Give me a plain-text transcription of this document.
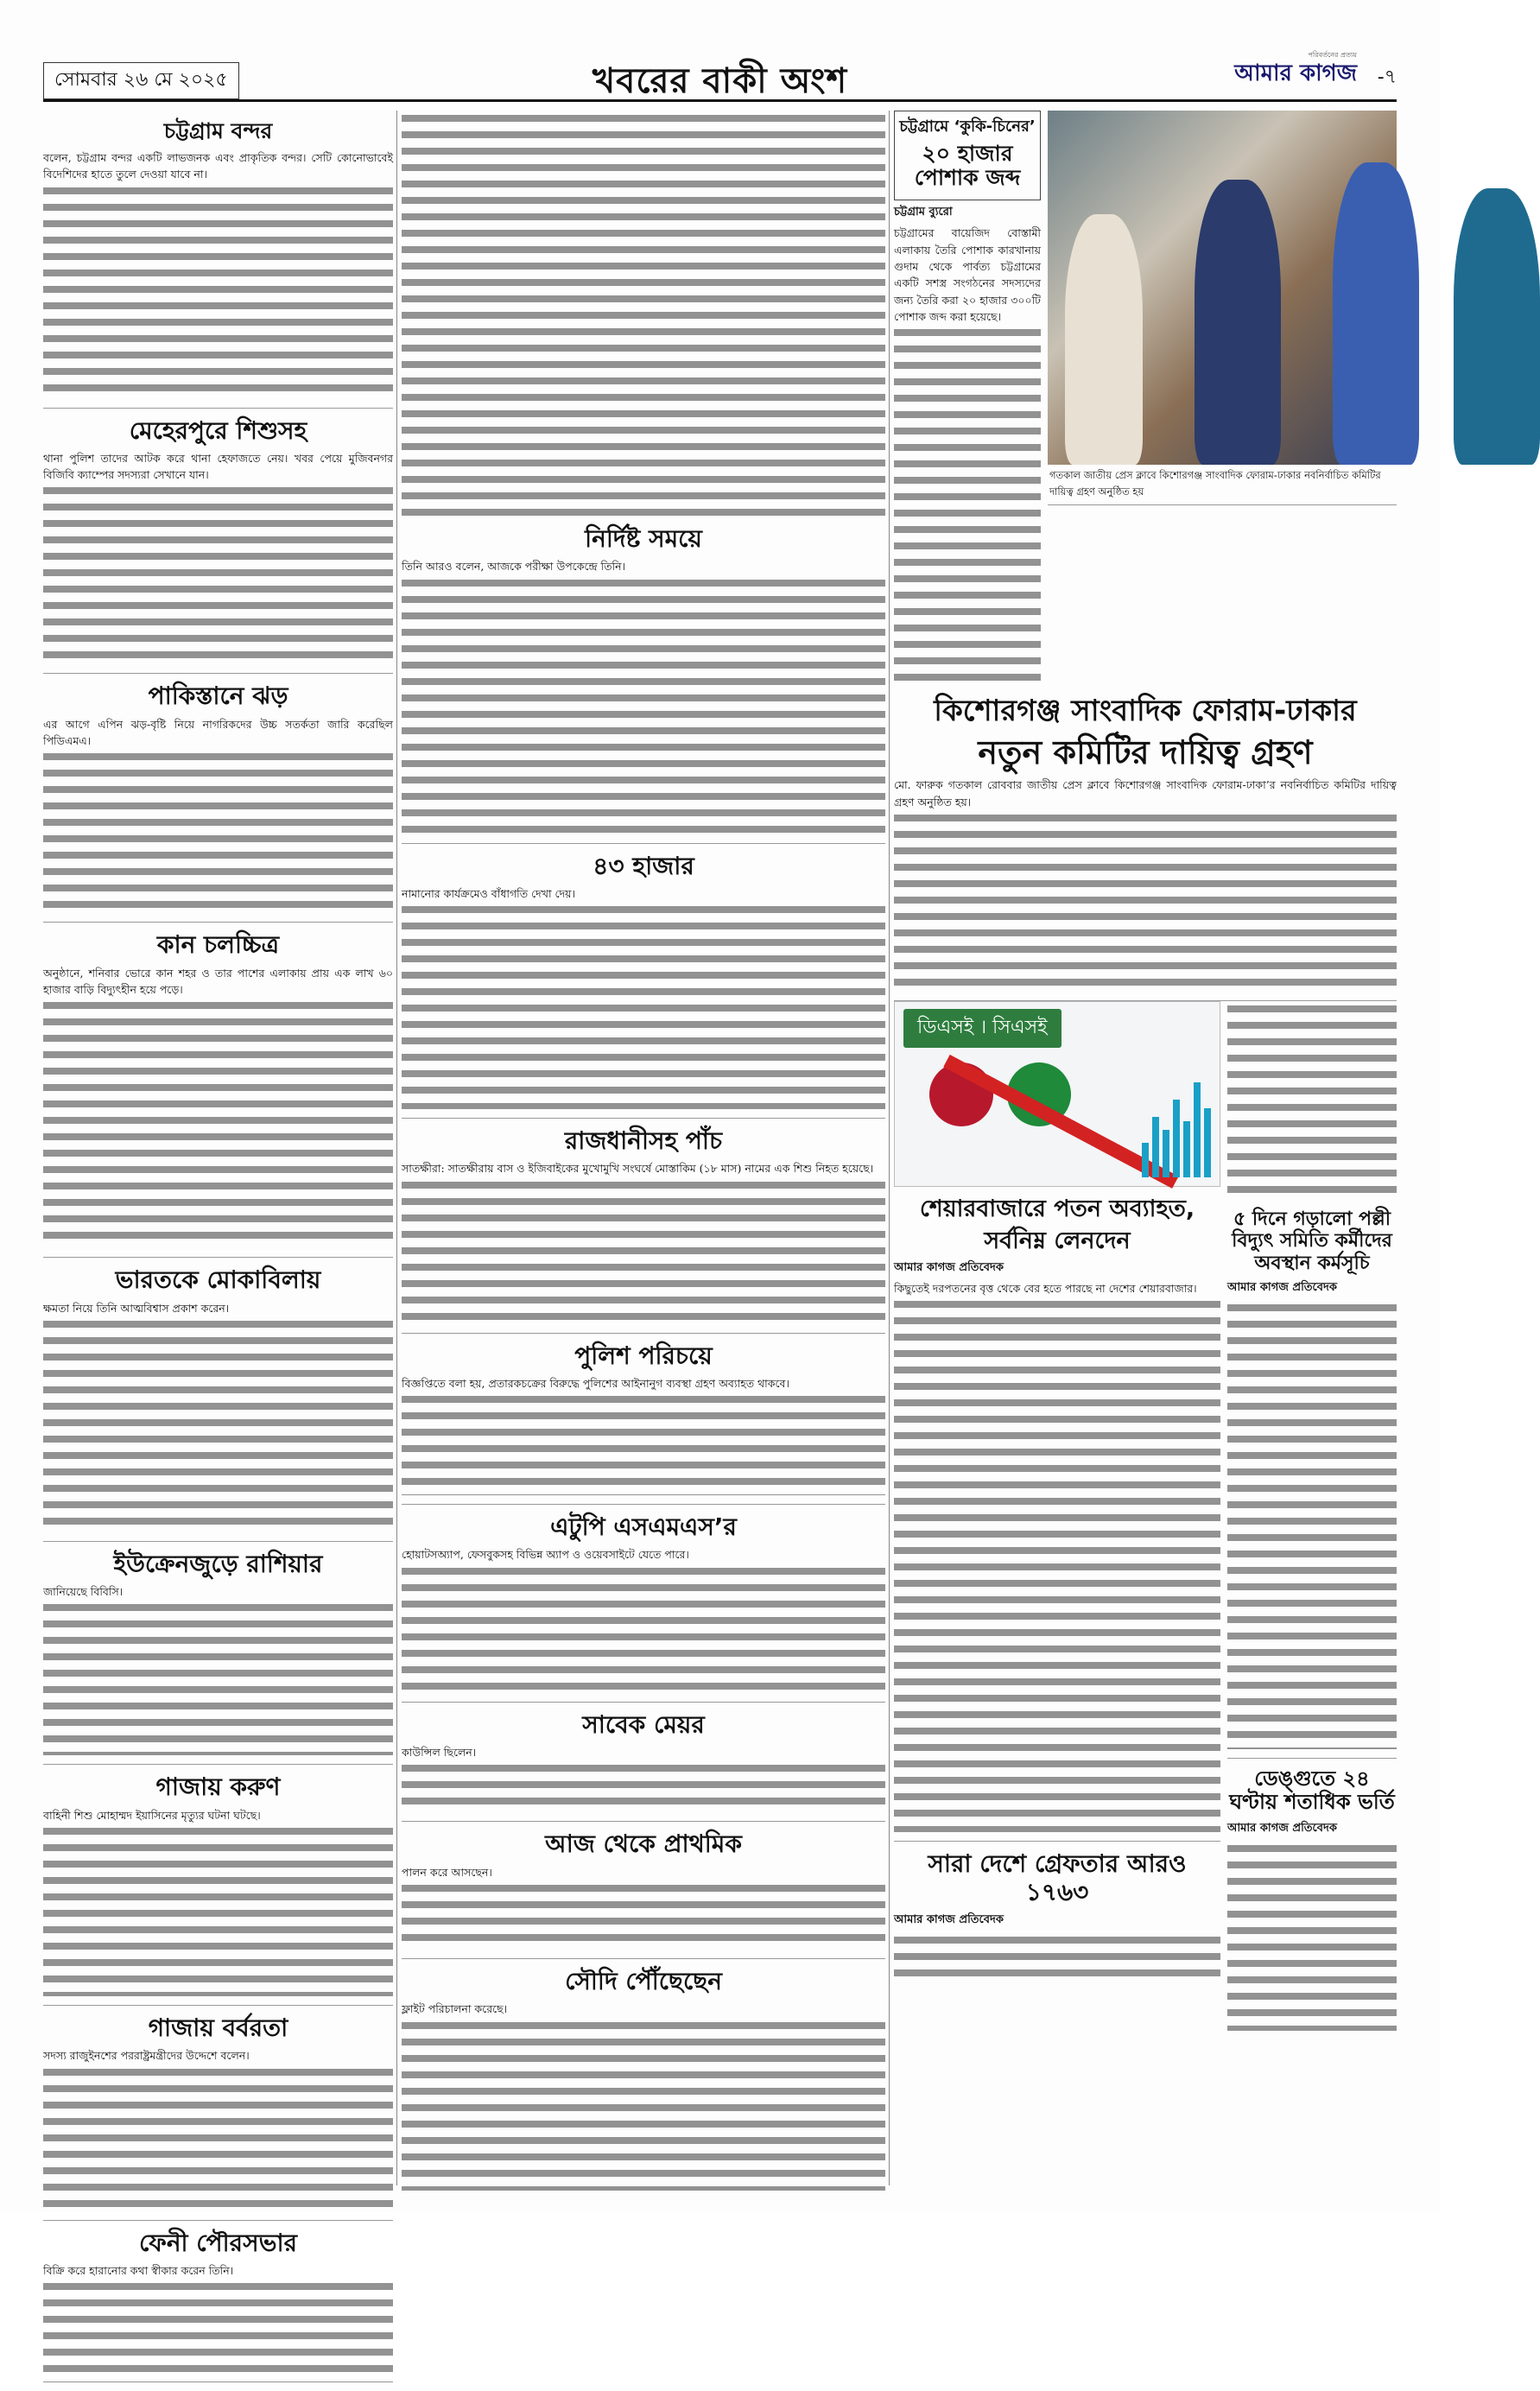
সোমবার ২৬ মে ২০২৫	খবরের বাকী অংশ
পরিবর্তনের প্রত্যয়
আমার কাগজ -৭
চট্টগ্রাম বন্দর
বলেন, চট্টগ্রাম বন্দর একটি লাভজনক এবং প্রাকৃতিক বন্দর। সেটি কোনোভাবেই বিদেশিদের হাতে তুলে দেওয়া যাবে না।
মেহেরপুরে শিশুসহ
থানা পুলিশ তাদের আটক করে থানা হেফাজতে নেয়। খবর পেয়ে মুজিবনগর বিজিবি ক্যাম্পের সদস্যরা সেখানে যান।
পাকিস্তানে ঝড়
এর আগে এপিন ঝড়-বৃষ্টি নিয়ে নাগরিকদের উচ্চ সতর্কতা জারি করেছিল পিডিএমএ।
কান চলচ্চিত্র
অনুষ্ঠানে, শনিবার ভোরে কান শহর ও তার পাশের এলাকায় প্রায় এক লাখ ৬০ হাজার বাড়ি বিদ্যুৎহীন হয়ে পড়ে।
ভারতকে মোকাবিলায়
ক্ষমতা নিয়ে তিনি আত্মবিশ্বাস প্রকাশ করেন।
ইউক্রেনজুড়ে রাশিয়ার
জানিয়েছে বিবিসি।
গাজায় করুণ
বাহিনী শিশু মোহাম্মদ ইয়াসিনের মৃত্যুর ঘটনা ঘটছে।
গাজায় বর্বরতা
সদস্য রাজুইনশের পররাষ্ট্রমন্ত্রীদের উদ্দেশে বলেন।
ফেনী পৌরসভার
বিক্রি করে হারানোর কথা স্বীকার করেন তিনি।
নির্দিষ্ট সময়ে
তিনি আরও বলেন, আজকে পরীক্ষা উপকেন্দ্রে তিনি।
৪৩ হাজার
নামানোর কার্যক্রমেও বাঁধাগতি দেখা দেয়।
রাজধানীসহ পাঁচ
সাতক্ষীরা: সাতক্ষীরায় বাস ও ইজিবাইকের মুখোমুখি সংঘর্ষে মোস্তাকিম (১৮ মাস) নামের এক শিশু নিহত হয়েছে।
পুলিশ পরিচয়ে
বিজ্ঞপ্তিতে বলা হয়, প্রতারকচক্রের বিরুদ্ধে পুলিশের আইনানুগ ব্যবস্থা গ্রহণ অব্যাহত থাকবে।
এটুপি এসএমএস’র
হোয়াটসঅ্যাপ, ফেসবুকসহ বিভিন্ন অ্যাপ ও ওয়েবসাইটে যেতে পারে।
সাবেক মেয়র
কাউন্সিল ছিলেন।
আজ থেকে প্রাথমিক
পালন করে আসছেন।
সৌদি পৌঁছেছেন
ফ্লাইট পরিচালনা করেছে।
চট্টগ্রামে ‘কুকি-চিনের’
২০ হাজার পোশাক জব্দ
চট্টগ্রাম ব্যুরো
চট্টগ্রামের বায়েজিদ বোস্তামী এলাকায় তৈরি পোশাক কারখানায় গুদাম থেকে পার্বত্য চট্টগ্রামের একটি সশস্ত্র সংগঠনের সদস্যদের জন্য তৈরি করা ২০ হাজার ৩০০টি পোশাক জব্দ করা হয়েছে।
গতকাল জাতীয় প্রেস ক্লাবে কিশোরগঞ্জ সাংবাদিক ফোরাম-ঢাকার নবনির্বাচিত কমিটির দায়িত্ব গ্রহণ অনুষ্ঠিত হয়
কিশোরগঞ্জ সাংবাদিক ফোরাম-ঢাকার
নতুন কমিটির দায়িত্ব গ্রহণ
মো. ফারুক গতকাল রোববার জাতীয় প্রেস ক্লাবে কিশোরগঞ্জ সাংবাদিক ফোরাম-ঢাকা’র নবনির্বাচিত কমিটির দায়িত্ব গ্রহণ অনুষ্ঠিত হয়।
ডিএসই । সিএসই
শেয়ারবাজারে পতন অব্যাহত,
সর্বনিম্ন লেনদেন
আমার কাগজ প্রতিবেদক
কিছুতেই দরপতনের বৃত্ত থেকে বের হতে পারছে না দেশের শেয়ারবাজার।
সারা দেশে গ্রেফতার আরও ১৭৬৩
আমার কাগজ প্রতিবেদক
৫ দিনে গড়ালো পল্লী বিদ্যুৎ সমিতি কর্মীদের অবস্থান কর্মসূচি
আমার কাগজ প্রতিবেদক
ডেঙ্গুতে ২৪ ঘণ্টায় শতাধিক ভর্তি
আমার কাগজ প্রতিবেদক
